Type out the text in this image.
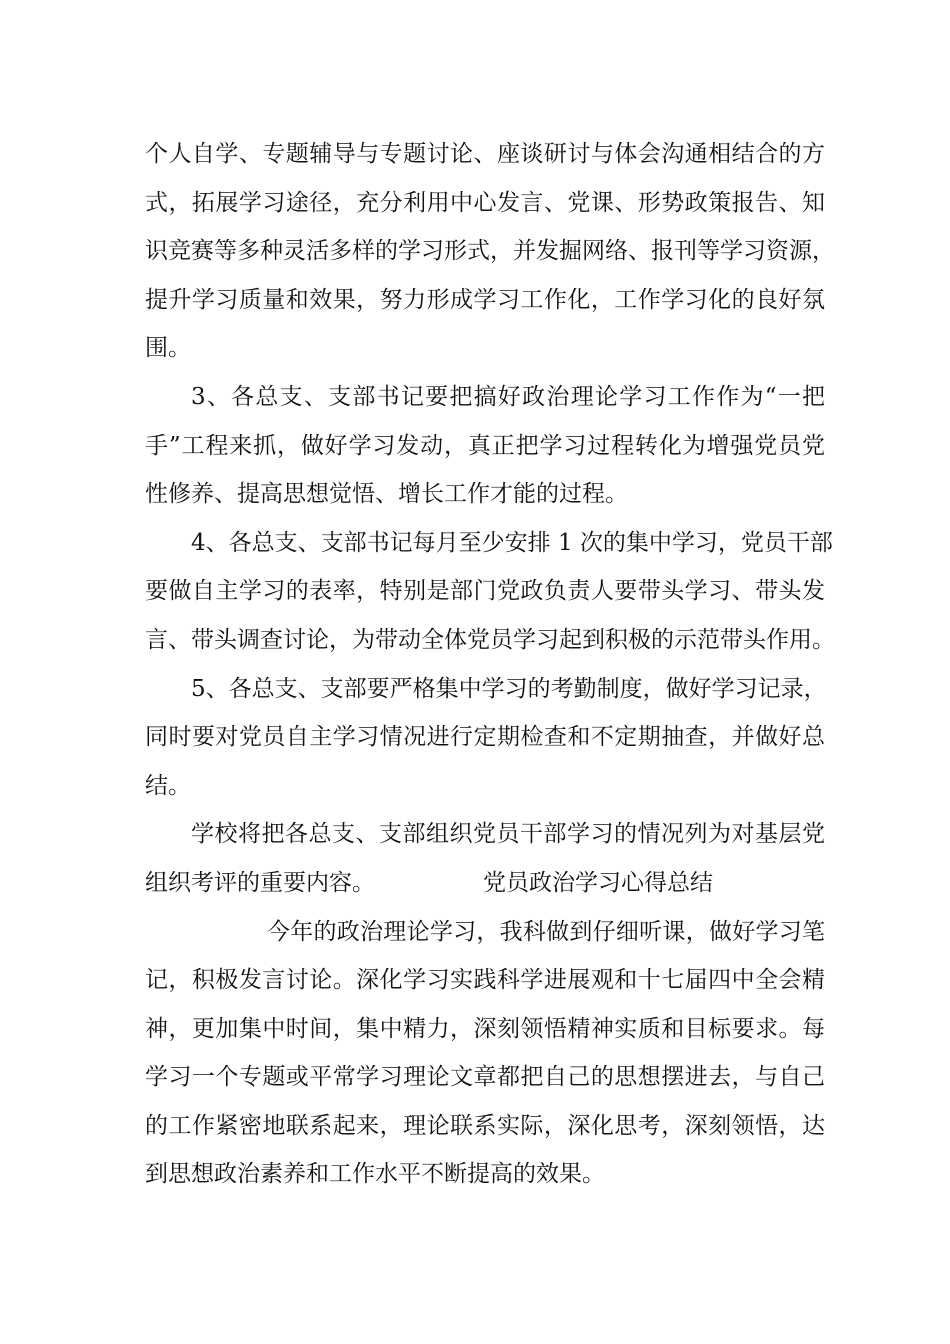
个人自学、专题辅导与专题讨论、座谈研讨与体会沟通相结合的方
式，拓展学习途径，充分利用中心发言、党课、形势政策报告、知
识竞赛等多种灵活多样的学习形式，并发掘网络、报刊等学习资源，
提升学习质量和效果，努力形成学习工作化，工作学习化的良好氛
围。
3、各总支、支部书记要把搞好政治理论学习工作作为“一把
手”工程来抓，做好学习发动，真正把学习过程转化为增强党员党
性修养、提高思想觉悟、增长工作才能的过程。
4、各总支、支部书记每月至少安排 1 次的集中学习，党员干部
要做自主学习的表率，特别是部门党政负责人要带头学习、带头发
言、带头调查讨论，为带动全体党员学习起到积极的示范带头作用。
5、各总支、支部要严格集中学习的考勤制度，做好学习记录，
同时要对党员自主学习情况进行定期检查和不定期抽查，并做好总
结。
学校将把各总支、支部组织党员干部学习的情况列为对基层党
组织考评的重要内容。	党员政治学习心得总结
今年的政治理论学习，我科做到仔细听课，做好学习笔
记，积极发言讨论。深化学习实践科学进展观和十七届四中全会精
神，更加集中时间，集中精力，深刻领悟精神实质和目标要求。每
学习一个专题或平常学习理论文章都把自己的思想摆进去，与自己
的工作紧密地联系起来，理论联系实际，深化思考，深刻领悟，达
到思想政治素养和工作水平不断提高的效果。
